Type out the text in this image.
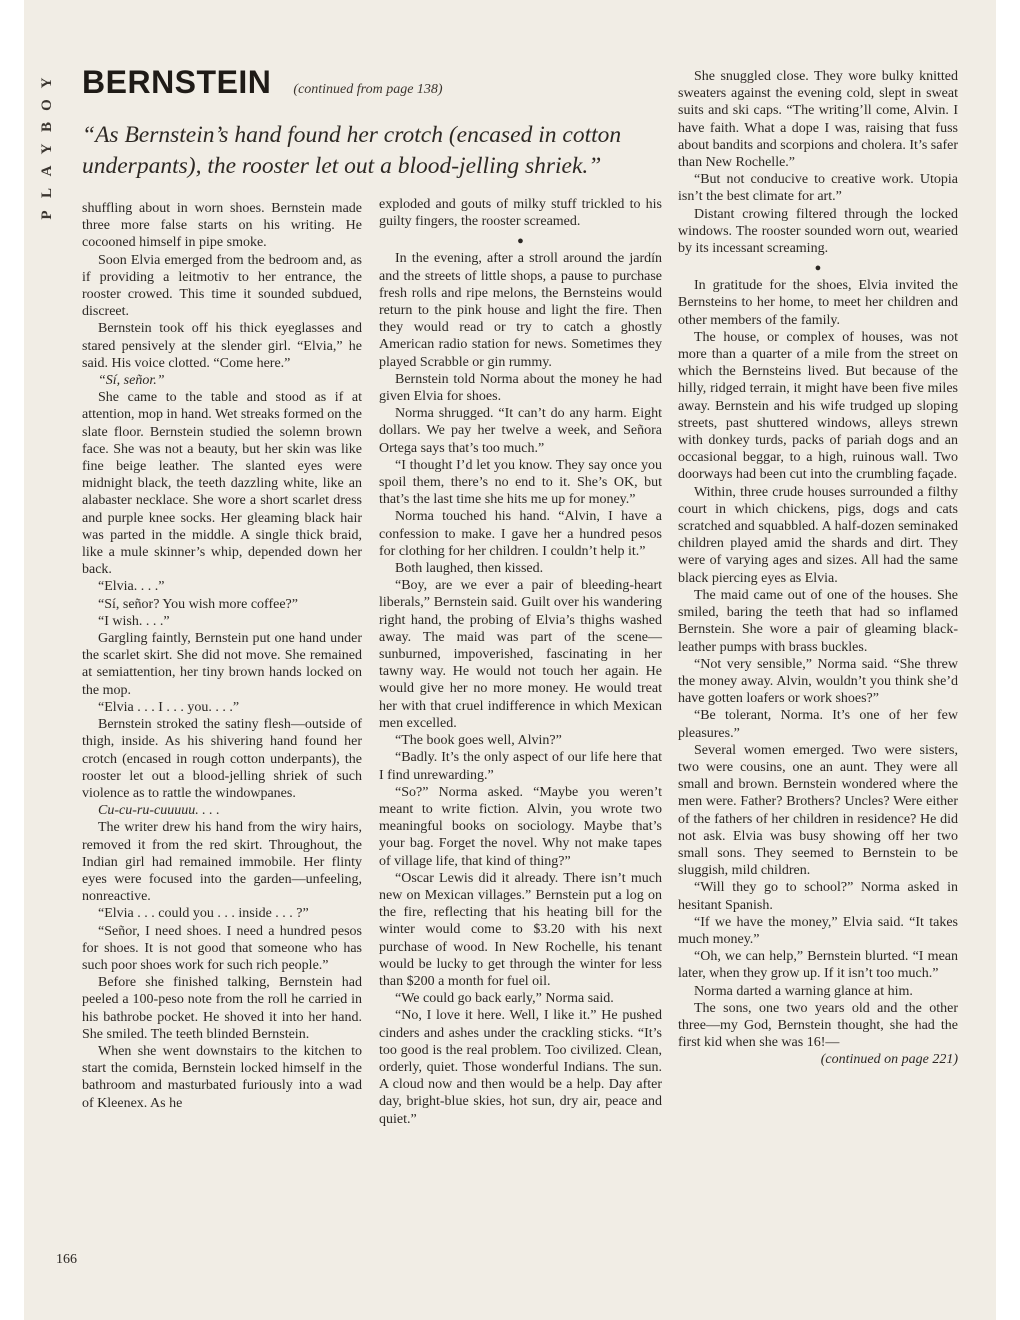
Y
O
B
Y
A
L
P
BERNSTEIN (continued from page 138)
“As Bernstein’s hand found her crotch (encased in cotton underpants), the rooster let out a blood-jelling shriek.”

shuffling about in worn shoes. Bernstein made three more false starts on his writing. He cocooned himself in pipe smoke.

Soon Elvia emerged from the bedroom and, as if providing a leitmotiv to her entrance, the rooster crowed. This time it sounded subdued, discreet.

Bernstein took off his thick eyeglasses and stared pensively at the slender girl. “Elvia,” he said. His voice clotted. “Come here.”

“Sí, señor.”

She came to the table and stood as if at attention, mop in hand. Wet streaks formed on the slate floor. Bernstein studied the solemn brown face. She was not a beauty, but her skin was like fine beige leather. The slanted eyes were midnight black, the teeth dazzling white, like an alabaster necklace. She wore a short scarlet dress and purple knee socks. Her gleaming black hair was parted in the middle. A single thick braid, like a mule skinner’s whip, depended down her back.

“Elvia. . . .”

“Sí, señor? You wish more coffee?”

“I wish. . . .”

Gargling faintly, Bernstein put one hand under the scarlet skirt. She did not move. She remained at semiattention, her tiny brown hands locked on the mop.

“Elvia . . . I . . . you. . . .”

Bernstein stroked the satiny flesh—outside of thigh, inside. As his shivering hand found her crotch (encased in rough cotton underpants), the rooster let out a blood-jelling shriek of such violence as to rattle the windowpanes.

Cu-cu-ru-cuuuuu. . . .

The writer drew his hand from the wiry hairs, removed it from the red skirt. Throughout, the Indian girl had remained immobile. Her flinty eyes were focused into the garden—unfeeling, nonreactive.

“Elvia . . . could you . . . inside . . . ?”

“Señor, I need shoes. I need a hundred pesos for shoes. It is not good that someone who has such poor shoes work for such rich people.”

Before she finished talking, Bernstein had peeled a 100-peso note from the roll he carried in his bathrobe pocket. He shoved it into her hand. She smiled. The teeth blinded Bernstein.

When she went downstairs to the kitchen to start the comida, Bernstein locked himself in the bathroom and masturbated furiously into a wad of Kleenex. As he

exploded and gouts of milky stuff trickled to his guilty fingers, the rooster screamed.

●

In the evening, after a stroll around the jardín and the streets of little shops, a pause to purchase fresh rolls and ripe melons, the Bernsteins would return to the pink house and light the fire. Then they would read or try to catch a ghostly American radio station for news. Sometimes they played Scrabble or gin rummy.

Bernstein told Norma about the money he had given Elvia for shoes.

Norma shrugged. “It can’t do any harm. Eight dollars. We pay her twelve a week, and Señora Ortega says that’s too much.”

“I thought I’d let you know. They say once you spoil them, there’s no end to it. She’s OK, but that’s the last time she hits me up for money.”

Norma touched his hand. “Alvin, I have a confession to make. I gave her a hundred pesos for clothing for her children. I couldn’t help it.”

Both laughed, then kissed.

“Boy, are we ever a pair of bleeding-heart liberals,” Bernstein said. Guilt over his wandering right hand, the probing of Elvia’s thighs washed away. The maid was part of the scene—sunburned, impoverished, fascinating in her tawny way. He would not touch her again. He would give her no more money. He would treat her with that cruel indifference in which Mexican men excelled.

“The book goes well, Alvin?”

“Badly. It’s the only aspect of our life here that I find unrewarding.”

“So?” Norma asked. “Maybe you weren’t meant to write fiction. Alvin, you wrote two meaningful books on sociology. Maybe that’s your bag. Forget the novel. Why not make tapes of village life, that kind of thing?”

“Oscar Lewis did it already. There isn’t much new on Mexican villages.” Bernstein put a log on the fire, reflecting that his heating bill for the winter would come to $3.20 with his next purchase of wood. In New Rochelle, his tenant would be lucky to get through the winter for less than $200 a month for fuel oil.

“We could go back early,” Norma said.

“No, I love it here. Well, I like it.” He pushed cinders and ashes under the crackling sticks. “It’s too good is the real problem. Too civilized. Clean, orderly, quiet. Those wonderful Indians. The sun. A cloud now and then would be a help. Day after day, bright-blue skies, hot sun, dry air, peace and quiet.”

She snuggled close. They wore bulky knitted sweaters against the evening cold, slept in sweat suits and ski caps. “The writing’ll come, Alvin. I have faith. What a dope I was, raising that fuss about bandits and scorpions and cholera. It’s safer than New Rochelle.”

“But not conducive to creative work. Utopia isn’t the best climate for art.”

Distant crowing filtered through the locked windows. The rooster sounded worn out, wearied by its incessant screaming.

●

In gratitude for the shoes, Elvia invited the Bernsteins to her home, to meet her children and other members of the family.

The house, or complex of houses, was not more than a quarter of a mile from the street on which the Bernsteins lived. But because of the hilly, ridged terrain, it might have been five miles away. Bernstein and his wife trudged up sloping streets, past shuttered windows, alleys strewn with donkey turds, packs of pariah dogs and an occasional beggar, to a high, ruinous wall. Two doorways had been cut into the crumbling façade.

Within, three crude houses surrounded a filthy court in which chickens, pigs, dogs and cats scratched and squabbled. A half-dozen seminaked children played amid the shards and dirt. They were of varying ages and sizes. All had the same black piercing eyes as Elvia.

The maid came out of one of the houses. She smiled, baring the teeth that had so inflamed Bernstein. She wore a pair of gleaming black-leather pumps with brass buckles.

“Not very sensible,” Norma said. “She threw the money away. Alvin, wouldn’t you think she’d have gotten loafers or work shoes?”

“Be tolerant, Norma. It’s one of her few pleasures.”

Several women emerged. Two were sisters, two were cousins, one an aunt. They were all small and brown. Bernstein wondered where the men were. Father? Brothers? Uncles? Were either of the fathers of her children in residence? He did not ask. Elvia was busy showing off her two small sons. They seemed to Bernstein to be sluggish, mild children.

“Will they go to school?” Norma asked in hesitant Spanish.

“If we have the money,” Elvia said. “It takes much money.”

“Oh, we can help,” Bernstein blurted. “I mean later, when they grow up. If it isn’t too much.”

Norma darted a warning glance at him.

The sons, one two years old and the other three—my God, Bernstein thought, she had the first kid when she was 16!—

(continued on page 221)

166
